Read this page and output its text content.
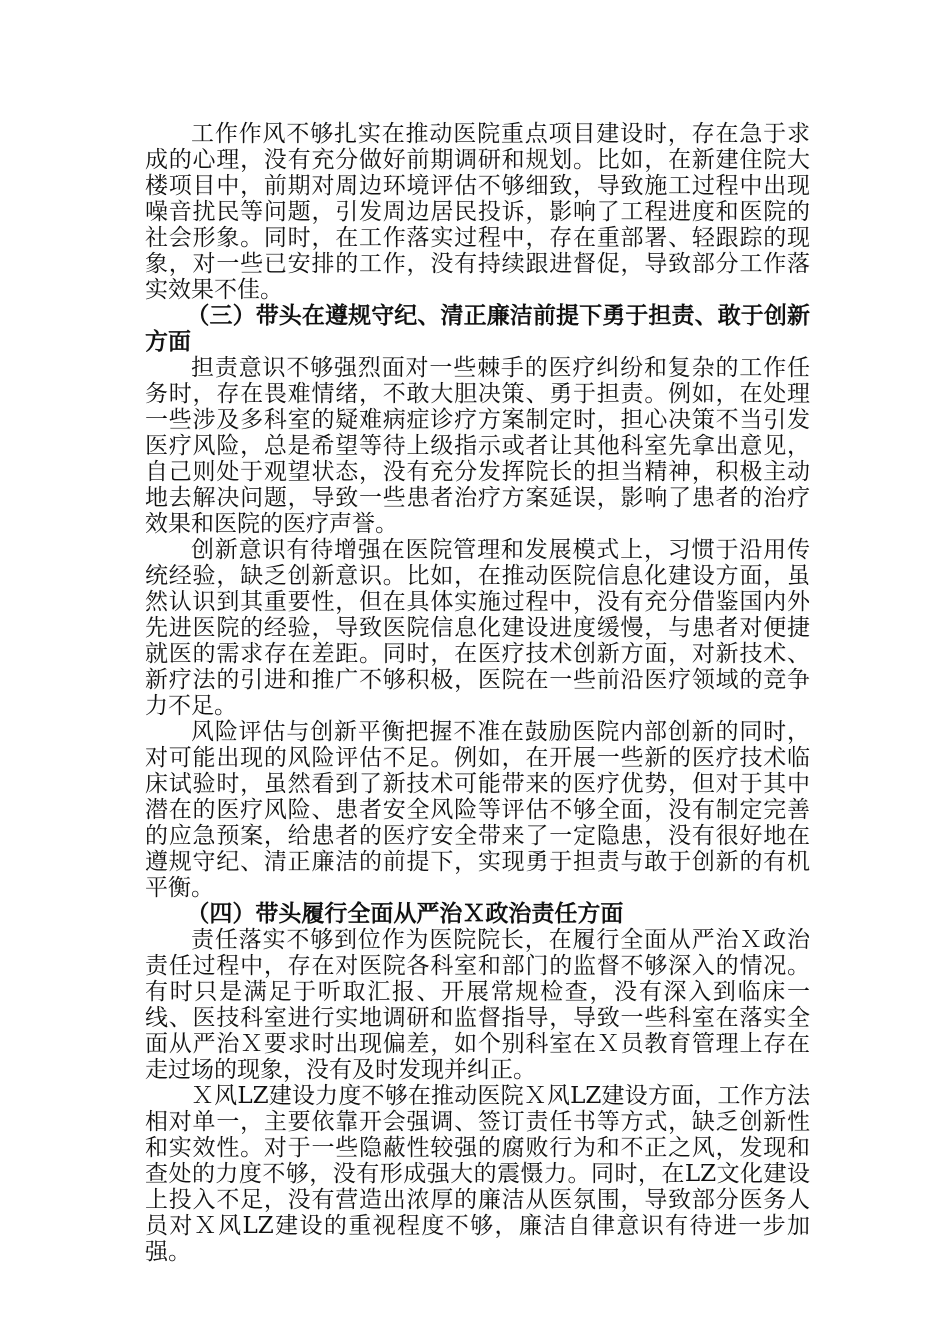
工作作风不够扎实在推动医院重点项目建设时，存在急于求成的心理，没有充分做好前期调研和规划。比如，在新建住院大楼项目中，前期对周边环境评估不够细致，导致施工过程中出现噪音扰民等问题，引发周边居民投诉，影响了工程进度和医院的社会形象。同时，在工作落实过程中，存在重部署、轻跟踪的现象，对一些已安排的工作，没有持续跟进督促，导致部分工作落实效果不佳。

（三）带头在遵规守纪、清正廉洁前提下勇于担责、敢于创新方面

担责意识不够强烈面对一些棘手的医疗纠纷和复杂的工作任务时，存在畏难情绪，不敢大胆决策、勇于担责。例如，在处理一些涉及多科室的疑难病症诊疗方案制定时，担心决策不当引发医疗风险，总是希望等待上级指示或者让其他科室先拿出意见，自己则处于观望状态，没有充分发挥院长的担当精神，积极主动地去解决问题，导致一些患者治疗方案延误，影响了患者的治疗效果和医院的医疗声誉。

创新意识有待增强在医院管理和发展模式上，习惯于沿用传统经验，缺乏创新意识。比如，在推动医院信息化建设方面，虽然认识到其重要性，但在具体实施过程中，没有充分借鉴国内外先进医院的经验，导致医院信息化建设进度缓慢，与患者对便捷就医的需求存在差距。同时，在医疗技术创新方面，对新技术、新疗法的引进和推广不够积极，医院在一些前沿医疗领域的竞争力不足。

风险评估与创新平衡把握不准在鼓励医院内部创新的同时，对可能出现的风险评估不足。例如，在开展一些新的医疗技术临床试验时，虽然看到了新技术可能带来的医疗优势，但对于其中潜在的医疗风险、患者安全风险等评估不够全面，没有制定完善的应急预案，给患者的医疗安全带来了一定隐患，没有很好地在遵规守纪、清正廉洁的前提下，实现勇于担责与敢于创新的有机平衡。

（四）带头履行全面从严治Ｘ政治责任方面

责任落实不够到位作为医院院长，在履行全面从严治Ｘ政治责任过程中，存在对医院各科室和部门的监督不够深入的情况。有时只是满足于听取汇报、开展常规检查，没有深入到临床一线、医技科室进行实地调研和监督指导，导致一些科室在落实全面从严治Ｘ要求时出现偏差，如个别科室在Ｘ员教育管理上存在走过场的现象，没有及时发现并纠正。

Ｘ风LZ建设力度不够在推动医院Ｘ风LZ建设方面，工作方法相对单一，主要依靠开会强调、签订责任书等方式，缺乏创新性和实效性。对于一些隐蔽性较强的腐败行为和不正之风，发现和查处的力度不够，没有形成强大的震慑力。同时，在LZ文化建设上投入不足，没有营造出浓厚的廉洁从医氛围，导致部分医务人员对Ｘ风LZ建设的重视程度不够，廉洁自律意识有待进一步加强。
